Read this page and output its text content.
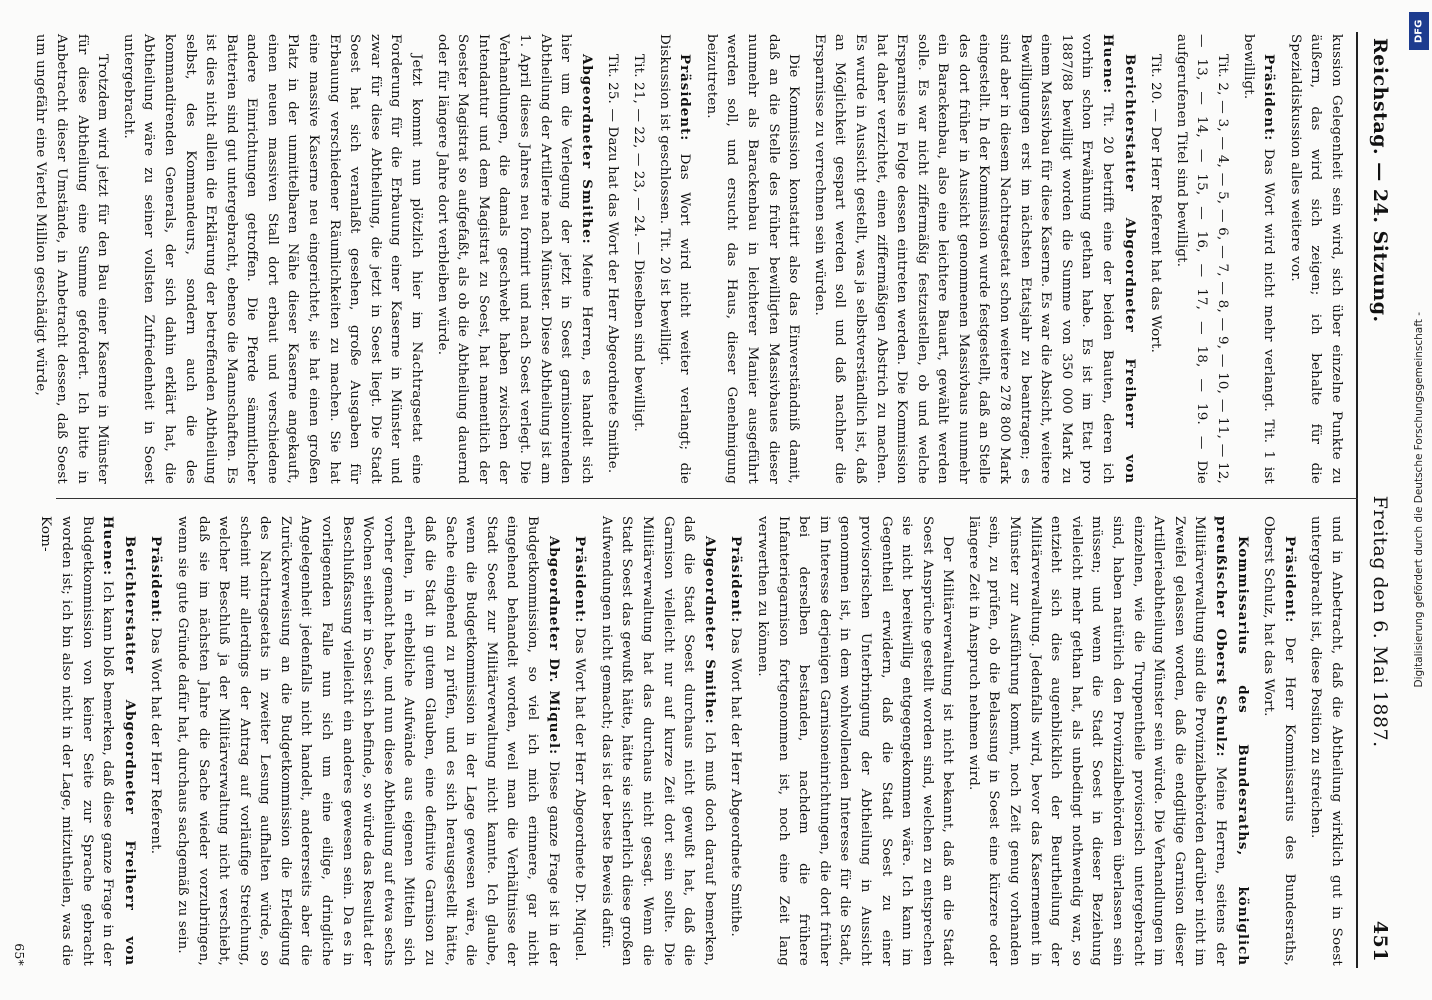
Reichstag. — 24. Sitzung.
Freitag den 6. Mai 1887.
451

kussion Gelegenheit sein wird, sich über einzelne Punkte zu äußern, das wird sich zeigen; ich behalte für die Spezialdiskussion alles weitere vor.

Präsident: Das Wort wird nicht mehr verlangt. Tit. 1 ist bewilligt.

Tit. 2, — 3, — 4, — 5, — 6, — 7, — 8, — 9, — 10, — 11, — 12, — 13, — 14, — 15, — 16, — 17, — 18, — 19. — Die aufgerufenen Titel sind bewilligt.

Tit. 20. — Der Herr Referent hat das Wort.

Berichterstatter Abgeordneter Freiherr von Huene: Tit. 20 betrifft eine der beiden Bauten, deren ich vorhin schon Erwähnung gethan habe. Es ist im Etat pro 1887/88 bewilligt worden die Summe von 350 000 Mark zu einem Massivbau für diese Kaserne. Es war die Absicht, weitere Bewilligungen erst im nächsten Etatsjahr zu beantragen; es sind aber in diesem Nachtragsetat schon weitere 278 800 Mark eingestellt. In der Kommission wurde festgestellt, daß an Stelle des dort früher in Aussicht genommenen Massivbaus nunmehr ein Barackenbau, also eine leichtere Bauart, gewählt werden solle. Es war nicht ziffermäßig festzustellen, ob und welche Ersparnisse in Folge dessen eintreten werden. Die Kommission hat daher verzichtet, einen ziffermäßigen Abstrich zu machen. Es wurde in Aussicht gestellt, was ja selbstverständlich ist, daß an Möglichkeit gespart werden soll und daß nachher die Ersparnisse zu verrechnen sein würden.

Die Kommission konstatirt also das Einverständniß damit, daß an die Stelle des früher bewilligten Massivbaues dieser nunmehr als Barackenbau in leichterer Manier ausgeführt werden soll, und ersucht das Haus, dieser Genehmigung beizutreten.

Präsident: Das Wort wird nicht weiter verlangt; die Diskussion ist geschlossen. Tit. 20 ist bewilligt.

Tit. 21, — 22, — 23, — 24. — Dieselben sind bewilligt.

Tit. 25. — Dazu hat das Wort der Herr Abgeordnete Smithe.

Abgeordneter Smithe: Meine Herren, es handelt sich hier um die Verlegung der jetzt in Soest garnisonirenden Abtheilung der Artillerie nach Münster. Diese Abtheilung ist am 1. April dieses Jahres neu formirt und nach Soest verlegt. Die Verhandlungen, die damals geschwebt haben zwischen der Intendantur und dem Magistrat zu Soest, hat namentlich der Soester Magistrat so aufgefaßt, als ob die Abtheilung dauernd oder für längere Jahre dort verbleiben würde.

Jetzt kommt nun plötzlich hier im Nachtragsetat eine Forderung für die Erbauung einer Kaserne in Münster und zwar für diese Abtheilung, die jetzt in Soest liegt. Die Stadt Soest hat sich veranlaßt gesehen, große Ausgaben für Erbauung verschiedener Räumlichkeiten zu machen. Sie hat eine massive Kaserne neu eingerichtet, sie hat einen großen Platz in der unmittelbaren Nähe dieser Kaserne angekauft, einen neuen massiven Stall dort erbaut und verschiedene andere Einrichtungen getroffen. Die Pferde sämmtlicher Batterien sind gut untergebracht, ebenso die Mannschaften. Es ist dies nicht allein die Erklärung der betreffenden Abtheilung selbst, des Kommandeurs, sondern auch die des kommandirenden Generals, der sich dahin erklärt hat, die Abtheilung wäre zu seiner vollsten Zufriedenheit in Soest untergebracht.

Trotzdem wird jetzt für den Bau einer Kaserne in Münster für diese Abtheilung eine Summe gefordert. Ich bitte in Anbetracht dieser Umstände, in Anbetracht dessen, daß Soest um ungefähr eine Viertel Million geschädigt würde,

und in Anbetracht, daß die Abtheilung wirklich gut in Soest untergebracht ist, diese Position zu streichen.

Präsident: Der Herr Kommissarius des Bundesraths, Oberst Schulz, hat das Wort.

Kommissarius des Bundesraths, königlich preußischer Oberst Schulz: Meine Herren, seitens der Militärverwaltung sind die Provinzialbehörden darüber nicht im Zweifel gelassen worden, daß die endgiltige Garnison dieser Artillerieabtheilung Münster sein würde. Die Verhandlungen im einzelnen, wie die Truppentheile provisorisch untergebracht sind, haben natürlich den Provinzialbehörden überlassen sein müssen; und wenn die Stadt Soest in dieser Beziehung vielleicht mehr gethan hat, als unbedingt nothwendig war, so entzieht sich dies augenblicklich der Beurtheilung der Militärverwaltung. Jedenfalls wird, bevor das Kasernement in Münster zur Ausführung kommt, noch Zeit genug vorhanden sein, zu prüfen, ob die Belassung in Soest eine kürzere oder längere Zeit in Anspruch nehmen wird.

Der Militärverwaltung ist nicht bekannt, daß an die Stadt Soest Ansprüche gestellt worden sind, welchen zu entsprechen sie nicht bereitwillig entgegengekommen wäre. Ich kann im Gegentheil erwidern, daß die Stadt Soest zu einer provisorischen Unterbringung der Abtheilung in Aussicht genommen ist, in dem wohlwollenden Interesse für die Stadt, im Interesse derjenigen Garnisoneinrichtungen, die dort früher bei derselben bestanden, nachdem die frühere Infanteriegarnison fortgenommen ist, noch eine Zeit lang verwerthen zu können.

Präsident: Das Wort hat der Herr Abgeordnete Smithe.

Abgeordneter Smithe: Ich muß doch darauf bemerken, daß die Stadt Soest durchaus nicht gewußt hat, daß die Garnison vielleicht nur auf kurze Zeit dort sein sollte. Die Militärverwaltung hat das durchaus nicht gesagt. Wenn die Stadt Soest das gewußt hätte, hätte sie sicherlich diese großen Aufwendungen nicht gemacht; das ist der beste Beweis dafür.

Präsident: Das Wort hat der Herr Abgeordnete Dr. Miquel.

Abgeordneter Dr. Miquel: Diese ganze Frage ist in der Budgetkommission, so viel ich mich erinnere, gar nicht eingehend behandelt worden, weil man die Verhältnisse der Stadt Soest zur Militärverwaltung nicht kannte. Ich glaube, wenn die Budgetkommission in der Lage gewesen wäre, die Sache eingehend zu prüfen, und es sich herausgestellt hätte, daß die Stadt in gutem Glauben, eine definitive Garnison zu erhalten, in erhebliche Aufwände aus eigenen Mitteln sich vorher gemacht habe, und nun diese Abtheilung auf etwa sechs Wochen seither in Soest sich befinde, so würde das Resultat der Beschlußfassung vielleicht ein anderes gewesen sein. Da es in vorliegenden Falle nun sich um eine eilige, dringliche Angelegenheit jedenfalls nicht handelt, andererseits aber die Zurückverweisung an die Budgetkommission die Erledigung des Nachtragsetats in zweiter Lesung aufhalten würde, so scheint mir allerdings der Antrag auf vorläufige Streichung, welcher Beschluß ja der Militärverwaltung nicht verschiebt, daß sie im nächsten Jahre die Sache wieder vorzubringen, wenn sie gute Gründe dafür hat, durchaus sachgemäß zu sein.

Präsident: Das Wort hat der Herr Referent.

Berichterstatter Abgeordneter Freiherr von Huene: Ich kann bloß bemerken, daß diese ganze Frage in der Budgetkommission von keiner Seite zur Sprache gebracht worden ist; ich bin also nicht in der Lage, mitzutheilen, was die Kom-

65*
Digitalisierung gefördert durch die Deutsche Forschungsgemeinschaft -
DFG
